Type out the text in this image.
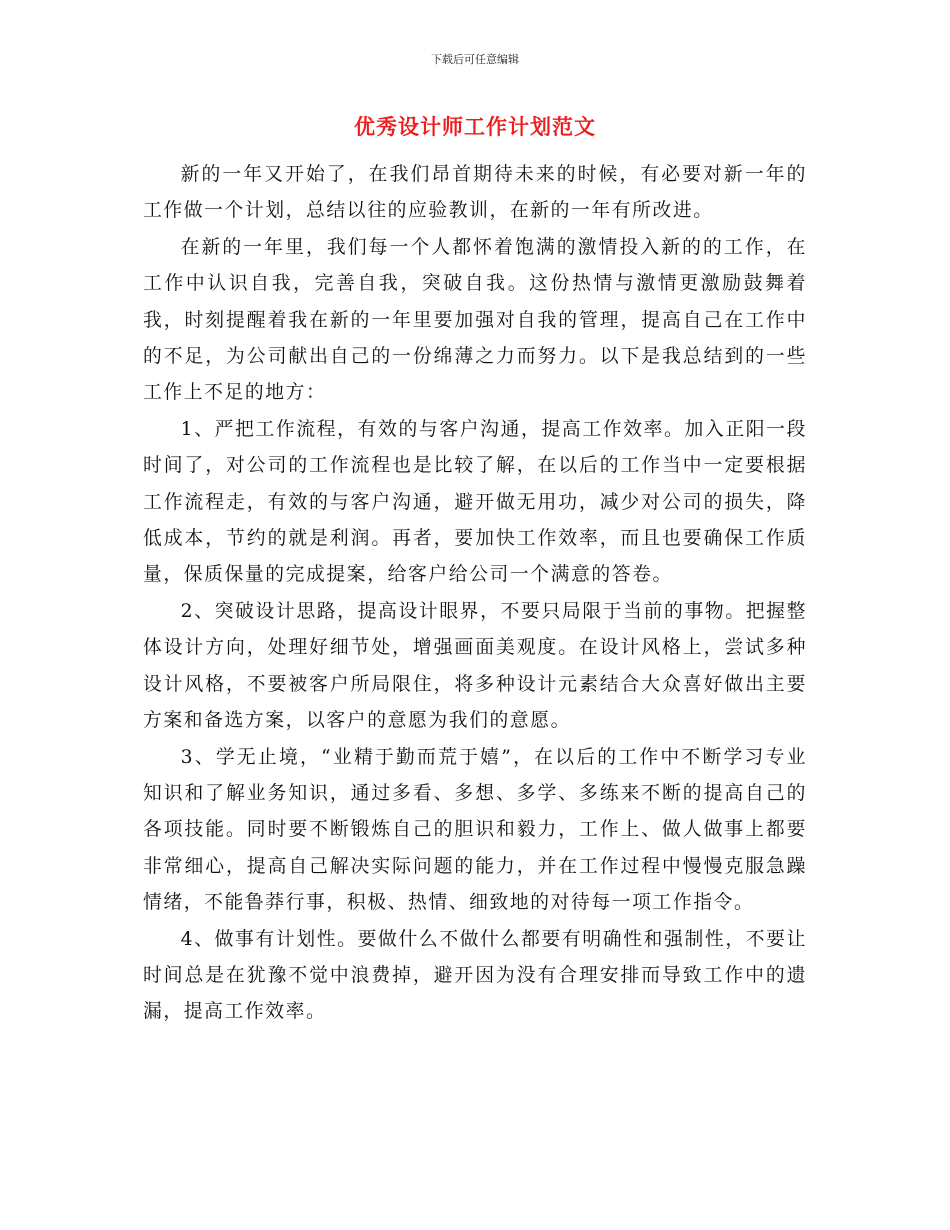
下载后可任意编辑
优秀设计师工作计划范文

新的一年又开始了，在我们昂首期待未来的时候，有必要对新一年的工作做一个计划，总结以往的应验教训，在新的一年有所改进。

在新的一年里，我们每一个人都怀着饱满的激情投入新的的工作，在工作中认识自我，完善自我，突破自我。这份热情与激情更激励鼓舞着我，时刻提醒着我在新的一年里要加强对自我的管理，提高自己在工作中的不足，为公司献出自己的一份绵薄之力而努力。以下是我总结到的一些工作上不足的地方：

1、严把工作流程，有效的与客户沟通，提高工作效率。加入正阳一段时间了，对公司的工作流程也是比较了解，在以后的工作当中一定要根据工作流程走，有效的与客户沟通，避开做无用功，减少对公司的损失，降低成本，节约的就是利润。再者，要加快工作效率，而且也要确保工作质量，保质保量的完成提案，给客户给公司一个满意的答卷。

2、突破设计思路，提高设计眼界，不要只局限于当前的事物。把握整体设计方向，处理好细节处，增强画面美观度。在设计风格上，尝试多种设计风格，不要被客户所局限住，将多种设计元素结合大众喜好做出主要方案和备选方案，以客户的意愿为我们的意愿。

3、学无止境，“业精于勤而荒于嬉”，在以后的工作中不断学习专业知识和了解业务知识，通过多看、多想、多学、多练来不断的提高自己的各项技能。同时要不断锻炼自己的胆识和毅力，工作上、做人做事上都要非常细心，提高自己解决实际问题的能力，并在工作过程中慢慢克服急躁情绪，不能鲁莽行事，积极、热情、细致地的对待每一项工作指令。

4、做事有计划性。要做什么不做什么都要有明确性和强制性，不要让时间总是在犹豫不觉中浪费掉，避开因为没有合理安排而导致工作中的遗漏，提高工作效率。
